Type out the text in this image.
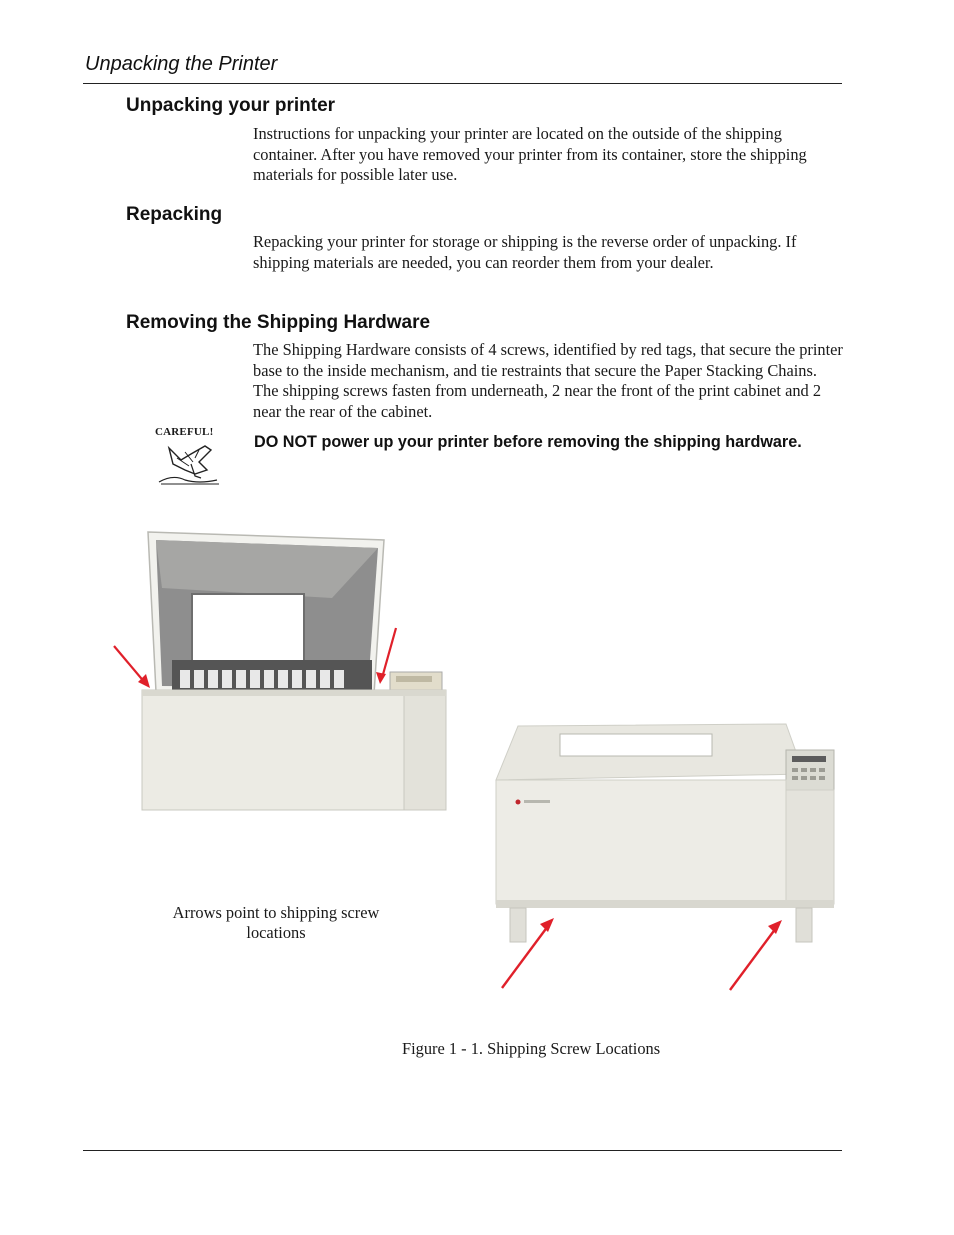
Unpacking the Printer
Unpacking your printer

Instructions for unpacking your printer are located on the outside of the shipping container. After you have removed your printer from its container, store the shipping materials for possible later use.

Repacking

Repacking your printer for storage or shipping is the reverse order of unpacking. If shipping materials are needed, you can reorder them from your dealer.

Removing the Shipping Hardware

The Shipping Hardware consists of 4 screws, identified by red tags, that secure the printer base to the inside mechanism, and tie restraints that secure the Paper Stacking Chains. The shipping screws fasten from underneath, 2 near the front of the print cabinet and 2 near the rear of the cabinet.

CAREFUL!
DO NOT power up your printer before removing the shipping hardware.
Arrows point to shipping screw locations
Figure 1 - 1. Shipping Screw Locations
